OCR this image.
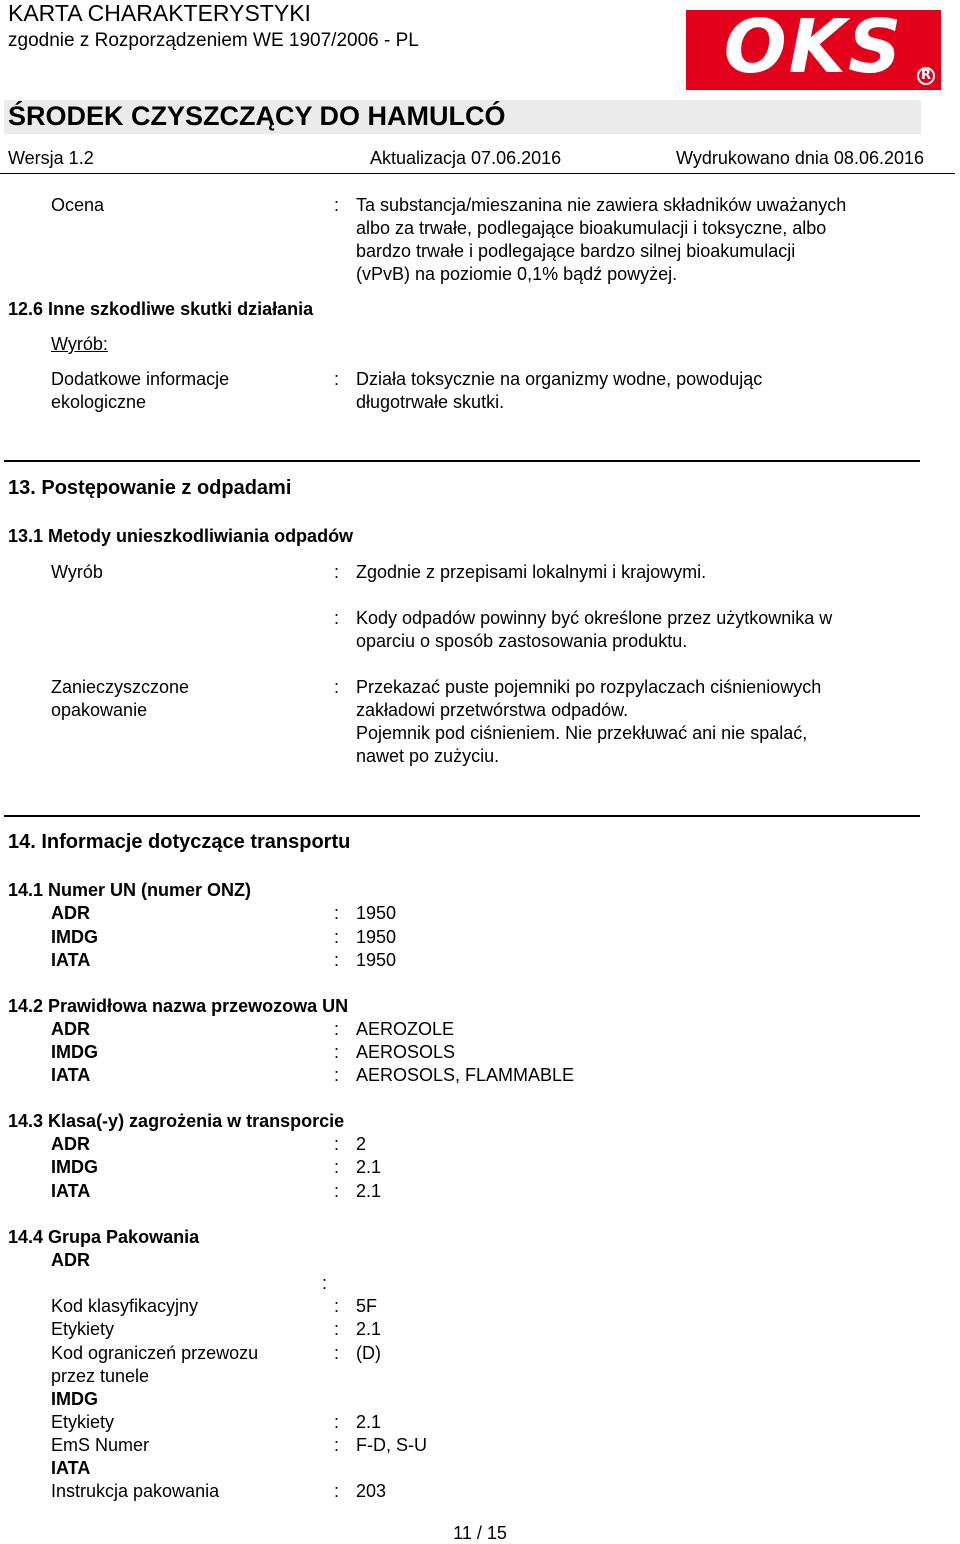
KARTA CHARAKTERYSTYKI
zgodnie z Rozporządzeniem WE 1907/2006 - PL	OKS	R
ŚRODEK CZYSZCZĄCY DO HAMULCÓ
Wersja 1.2	Aktualizacja 07.06.2016	Wydrukowano dnia 08.06.2016
Ocena	: Ta substancja/mieszanina nie zawiera składników uważanych
albo za trwałe, podlegające bioakumulacji i toksyczne, albo
bardzo trwałe i podlegające bardzo silnej bioakumulacji
(vPvB) na poziomie 0,1% bądź powyżej.
12.6 Inne szkodliwe skutki działania
Wyrób:
Dodatkowe informacje
ekologiczne
: Działa toksycznie na organizmy wodne, powodując
długotrwałe skutki.
13. Postępowanie z odpadami
13.1 Metody unieszkodliwiania odpadów
Wyrób	: Zgodnie z przepisami lokalnymi i krajowymi.
: Kody odpadów powinny być określone przez użytkownika w
oparciu o sposób zastosowania produktu.
Zanieczyszczone
opakowanie
: Przekazać puste pojemniki po rozpylaczach ciśnieniowych
zakładowi przetwórstwa odpadów.
Pojemnik pod ciśnieniem. Nie przekłuwać ani nie spalać,
nawet po zużyciu.
14. Informacje dotyczące transportu
14.1 Numer UN (numer ONZ)
ADR	: 1950
IMDG	: 1950
IATA	: 1950
14.2 Prawidłowa nazwa przewozowa UN
ADR	: AEROZOLE
IMDG	: AEROSOLS
IATA	: AEROSOLS, FLAMMABLE
14.3 Klasa(-y) zagrożenia w transporcie
ADR	: 2
IMDG	: 2.1
IATA	: 2.1
14.4 Grupa Pakowania
ADR
:
Kod klasyfikacyjny	: 5F
Etykiety	: 2.1
Kod ograniczeń przewozu
przez tunele
: (D)
IMDG
Etykiety	: 2.1
EmS Numer	: F-D, S-U
IATA
Instrukcja pakowania	: 203
11 / 15
